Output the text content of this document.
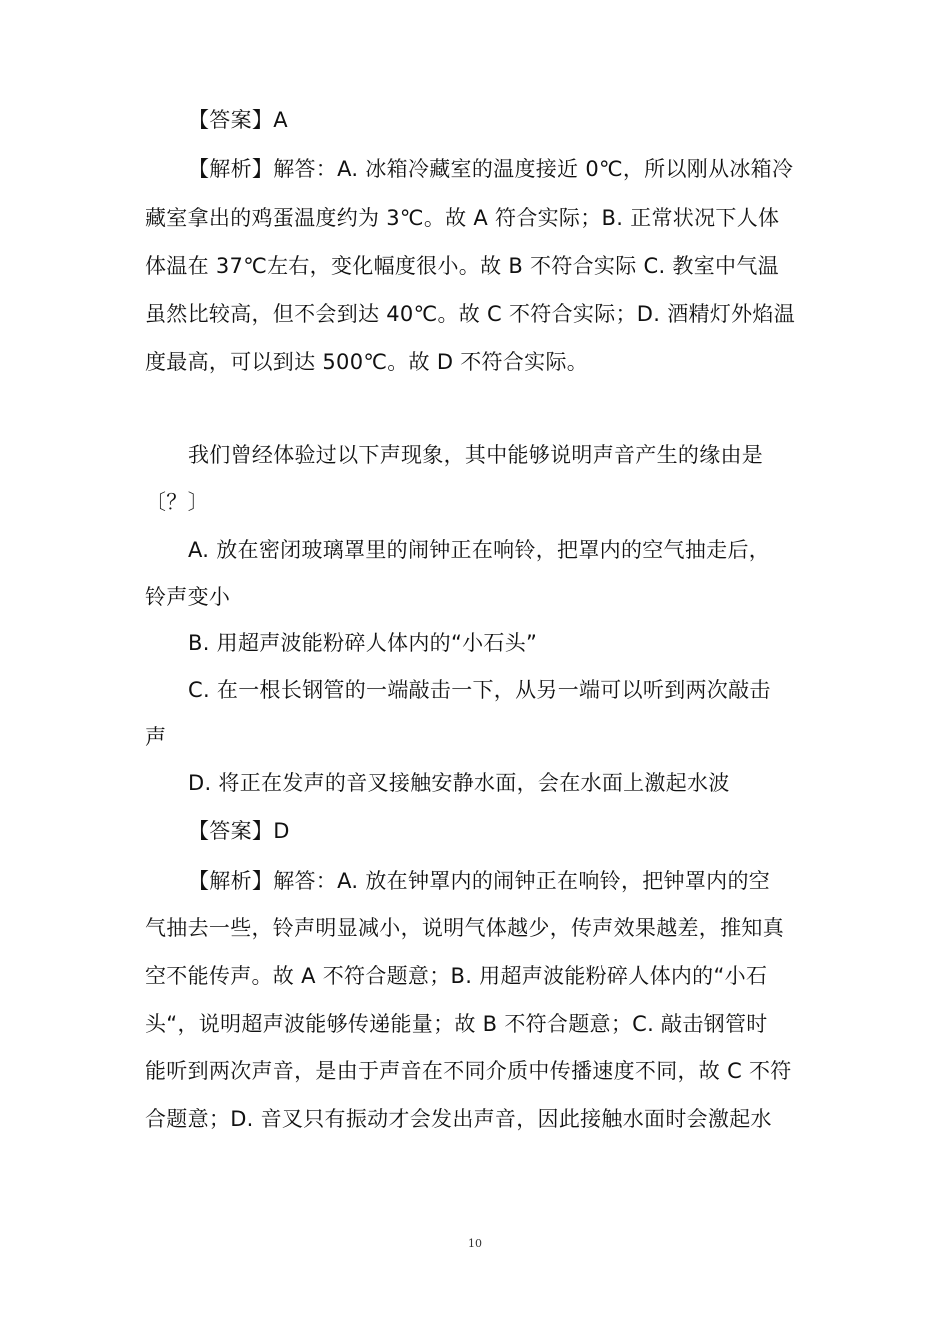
【答案】A
【解析】解答：A. 冰箱冷藏室的温度接近 0℃，所以刚从冰箱冷
藏室拿出的鸡蛋温度约为 3℃。故 A 符合实际；B. 正常状况下人体
体温在 37℃左右，变化幅度很小。故 B 不符合实际 C. 教室中气温
虽然比较高，但不会到达 40℃。故 C 不符合实际；D. 酒精灯外焰温
度最高，可以到达 500℃。故 D 不符合实际。
我们曾经体验过以下声现象，其中能够说明声音产生的缘由是
〔？〕
A. 放在密闭玻璃罩里的闹钟正在响铃，把罩内的空气抽走后，
铃声变小
B. 用超声波能粉碎人体内的“小石头”
C. 在一根长钢管的一端敲击一下，从另一端可以听到两次敲击
声
D. 将正在发声的音叉接触安静水面，会在水面上激起水波
【答案】D
【解析】解答：A. 放在钟罩内的闹钟正在响铃，把钟罩内的空
气抽去一些，铃声明显减小，说明气体越少，传声效果越差，推知真
空不能传声。故 A 不符合题意；B. 用超声波能粉碎人体内的“小石
头“，说明超声波能够传递能量；故 B 不符合题意；C. 敲击钢管时
能听到两次声音，是由于声音在不同介质中传播速度不同，故 C 不符
合题意；D. 音叉只有振动才会发出声音，因此接触水面时会激起水
10
